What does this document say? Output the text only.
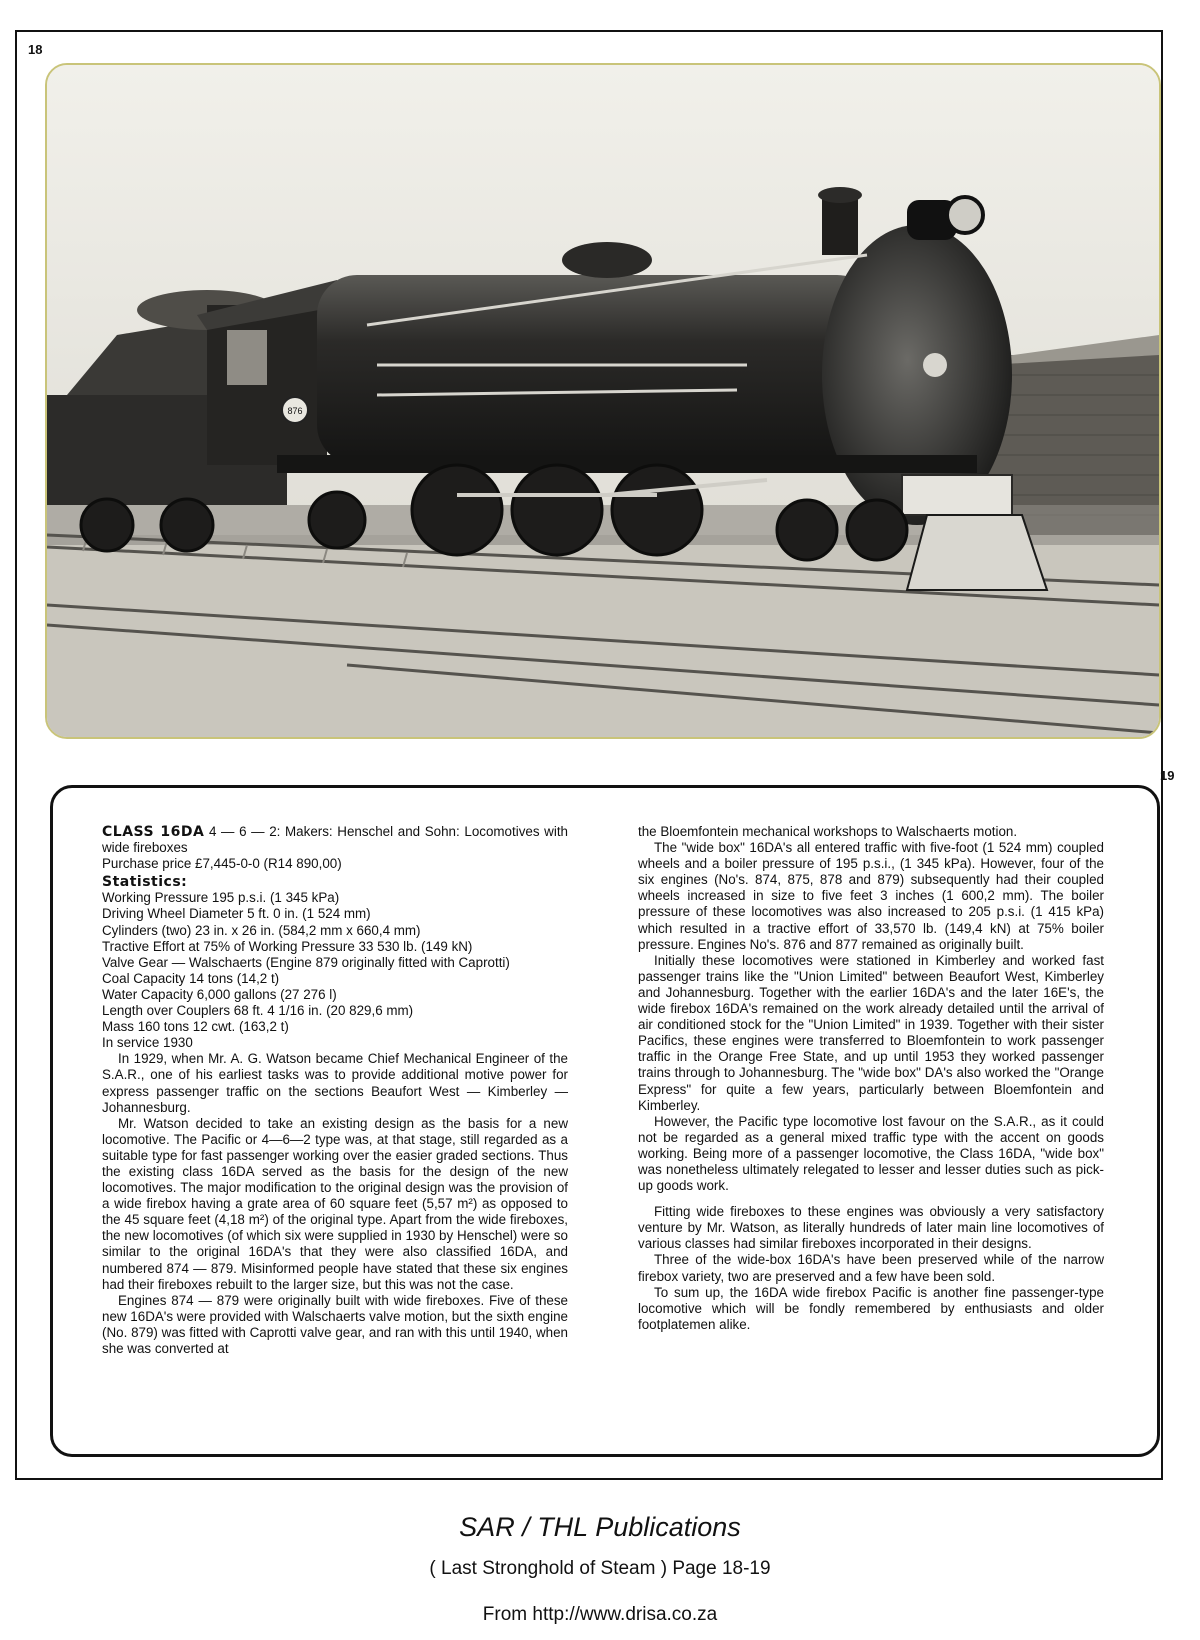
18
19
876

CLASS 16DA 4 — 6 — 2: Makers: Henschel and Sohn: Locomotives with wide fireboxes

Purchase price £7,445-0-0 (R14 890,00)

Statistics:

Working Pressure 195 p.s.i. (1 345 kPa)

Driving Wheel Diameter 5 ft. 0 in. (1 524 mm)

Cylinders (two) 23 in. x 26 in. (584,2 mm x 660,4 mm)

Tractive Effort at 75% of Working Pressure 33 530 lb. (149 kN)

Valve Gear — Walschaerts (Engine 879 originally fitted with Caprotti)

Coal Capacity 14 tons (14,2 t)

Water Capacity 6,000 gallons (27 276 l)

Length over Couplers 68 ft. 4 1/16 in. (20 829,6 mm)

Mass 160 tons 12 cwt. (163,2 t)

In service 1930

In 1929, when Mr. A. G. Watson became Chief Mechanical Engineer of the S.A.R., one of his earliest tasks was to provide additional motive power for express passenger traffic on the sections Beaufort West — Kimberley — Johannesburg.

Mr. Watson decided to take an existing design as the basis for a new locomotive. The Pacific or 4—6—2 type was, at that stage, still regarded as a suitable type for fast passenger working over the easier graded sections. Thus the existing class 16DA served as the basis for the design of the new locomotives. The major modification to the original design was the provision of a wide firebox having a grate area of 60 square feet (5,57 m²) as opposed to the 45 square feet (4,18 m²) of the original type. Apart from the wide fireboxes, the new locomotives (of which six were supplied in 1930 by Henschel) were so similar to the original 16DA's that they were also classified 16DA, and numbered 874 — 879. Misinformed people have stated that these six engines had their fireboxes rebuilt to the larger size, but this was not the case.

Engines 874 — 879 were originally built with wide fireboxes. Five of these new 16DA's were provided with Walschaerts valve motion, but the sixth engine (No. 879) was fitted with Caprotti valve gear, and ran with this until 1940, when she was converted at

the Bloemfontein mechanical workshops to Walschaerts motion.

The "wide box" 16DA's all entered traffic with five-foot (1 524 mm) coupled wheels and a boiler pressure of 195 p.s.i., (1 345 kPa). However, four of the six engines (No's. 874, 875, 878 and 879) subsequently had their coupled wheels increased in size to five feet 3 inches (1 600,2 mm). The boiler pressure of these locomotives was also increased to 205 p.s.i. (1 415 kPa) which resulted in a tractive effort of 33,570 lb. (149,4 kN) at 75% boiler pressure. Engines No's. 876 and 877 remained as originally built.

Initially these locomotives were stationed in Kimberley and worked fast passenger trains like the "Union Limited" between Beaufort West, Kimberley and Johannesburg. Together with the earlier 16DA's and the later 16E's, the wide firebox 16DA's remained on the work already detailed until the arrival of air conditioned stock for the "Union Limited" in 1939. Together with their sister Pacifics, these engines were transferred to Bloemfontein to work passenger traffic in the Orange Free State, and up until 1953 they worked passenger trains through to Johannesburg. The "wide box" DA's also worked the "Orange Express" for quite a few years, particularly between Bloemfontein and Kimberley.

However, the Pacific type locomotive lost favour on the S.A.R., as it could not be regarded as a general mixed traffic type with the accent on goods working. Being more of a passenger locomotive, the Class 16DA, "wide box" was nonetheless ultimately relegated to lesser and lesser duties such as pick-up goods work.

Fitting wide fireboxes to these engines was obviously a very satisfactory venture by Mr. Watson, as literally hundreds of later main line locomotives of various classes had similar fireboxes incorporated in their designs.

Three of the wide-box 16DA's have been preserved while of the narrow firebox variety, two are preserved and a few have been sold.

To sum up, the 16DA wide firebox Pacific is another fine passenger-type locomotive which will be fondly remembered by enthusiasts and older footplatemen alike.

SAR / THL Publications
( Last Stronghold of Steam ) Page 18-19
From http://www.drisa.co.za
